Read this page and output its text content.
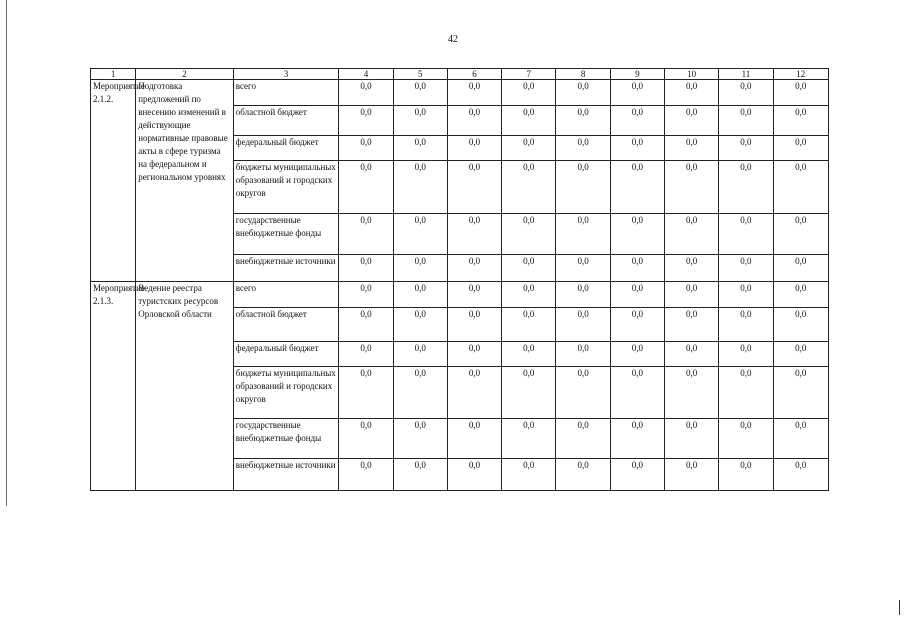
42
1	2	3	4	5	6	7	8	9	10	11	12
Мероприятие 2.1.2.	Подготовка предложений по внесению изменений в действующие нормативные правовые акты в сфере туризма на федеральном и региональном уровнях	всего	0,0	0,0	0,0	0,0	0,0	0,0	0,0	0,0	0,0
		областной бюджет	0,0	0,0	0,0	0,0	0,0	0,0	0,0	0,0	0,0
		федеральный бюджет	0,0	0,0	0,0	0,0	0,0	0,0	0,0	0,0	0,0
		бюджеты муниципальных образований и городских округов	0,0	0,0	0,0	0,0	0,0	0,0	0,0	0,0	0,0
		государственные внебюджетные фонды	0,0	0,0	0,0	0,0	0,0	0,0	0,0	0,0	0,0
		внебюджетные источники	0,0	0,0	0,0	0,0	0,0	0,0	0,0	0,0	0,0
Мероприятие 2.1.3.	Ведение реестра туристских ресурсов Орловской области	всего	0,0	0,0	0,0	0,0	0,0	0,0	0,0	0,0	0,0
		областной бюджет	0,0	0,0	0,0	0,0	0,0	0,0	0,0	0,0	0,0
		федеральный бюджет	0,0	0,0	0,0	0,0	0,0	0,0	0,0	0,0	0,0
		бюджеты муниципальных образований и городских округов	0,0	0,0	0,0	0,0	0,0	0,0	0,0	0,0	0,0
		государственные внебюджетные фонды	0,0	0,0	0,0	0,0	0,0	0,0	0,0	0,0	0,0
		внебюджетные источники	0,0	0,0	0,0	0,0	0,0	0,0	0,0	0,0	0,0
